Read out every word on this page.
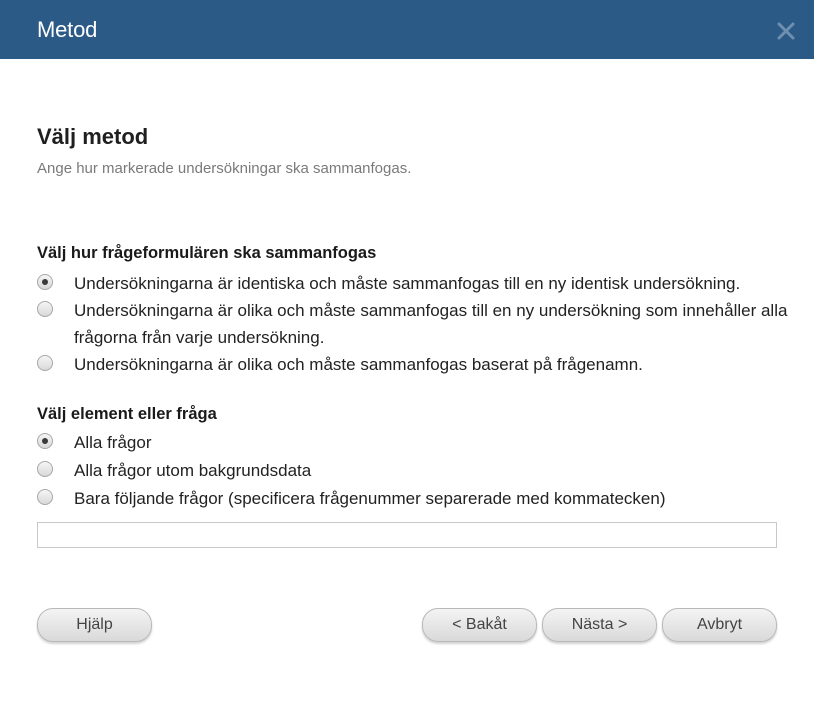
Metod
Välj metod
Ange hur markerade undersökningar ska sammanfogas.
Välj hur frågeformulären ska sammanfogas
Undersökningarna är identiska och måste sammanfogas till en ny identisk undersökning.
Undersökningarna är olika och måste sammanfogas till en ny undersökning som innehåller alla frågorna från varje undersökning.
Undersökningarna är olika och måste sammanfogas baserat på frågenamn.
Välj element eller fråga
Alla frågor
Alla frågor utom bakgrundsdata
Bara följande frågor (specificera frågenummer separerade med kommatecken)
Hjälp	< Bakåt	Nästa >	Avbryt
